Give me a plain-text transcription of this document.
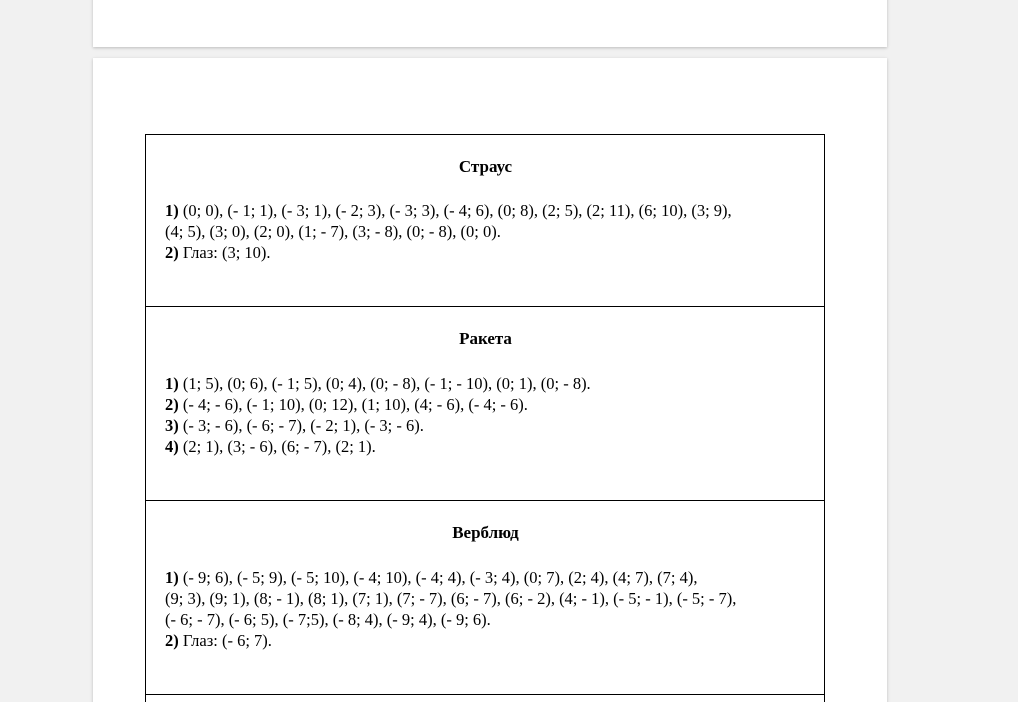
Страус
1) (0; 0), (- 1; 1), (- 3; 1), (- 2; 3), (- 3; 3), (- 4; 6), (0; 8), (2; 5), (2; 11), (6; 10), (3; 9),
(4; 5), (3; 0), (2; 0), (1; - 7), (3; - 8), (0; - 8), (0; 0).
2) Глаз: (3; 10).
Ракета
1) (1; 5), (0; 6), (- 1; 5), (0; 4), (0; - 8), (- 1; - 10), (0; 1), (0; - 8).
2) (- 4; - 6), (- 1; 10), (0; 12), (1; 10), (4; - 6), (- 4; - 6).
3) (- 3; - 6), (- 6; - 7), (- 2; 1), (- 3; - 6).
4) (2; 1), (3; - 6), (6; - 7), (2; 1).
Верблюд
1) (- 9; 6), (- 5; 9), (- 5; 10), (- 4; 10), (- 4; 4), (- 3; 4), (0; 7), (2; 4), (4; 7), (7; 4),
(9; 3), (9; 1), (8; - 1), (8; 1), (7; 1), (7; - 7), (6; - 7), (6; - 2), (4; - 1), (- 5; - 1), (- 5; - 7),
(- 6; - 7), (- 6; 5), (- 7;5), (- 8; 4), (- 9; 4), (- 9; 6).
2) Глаз: (- 6; 7).
